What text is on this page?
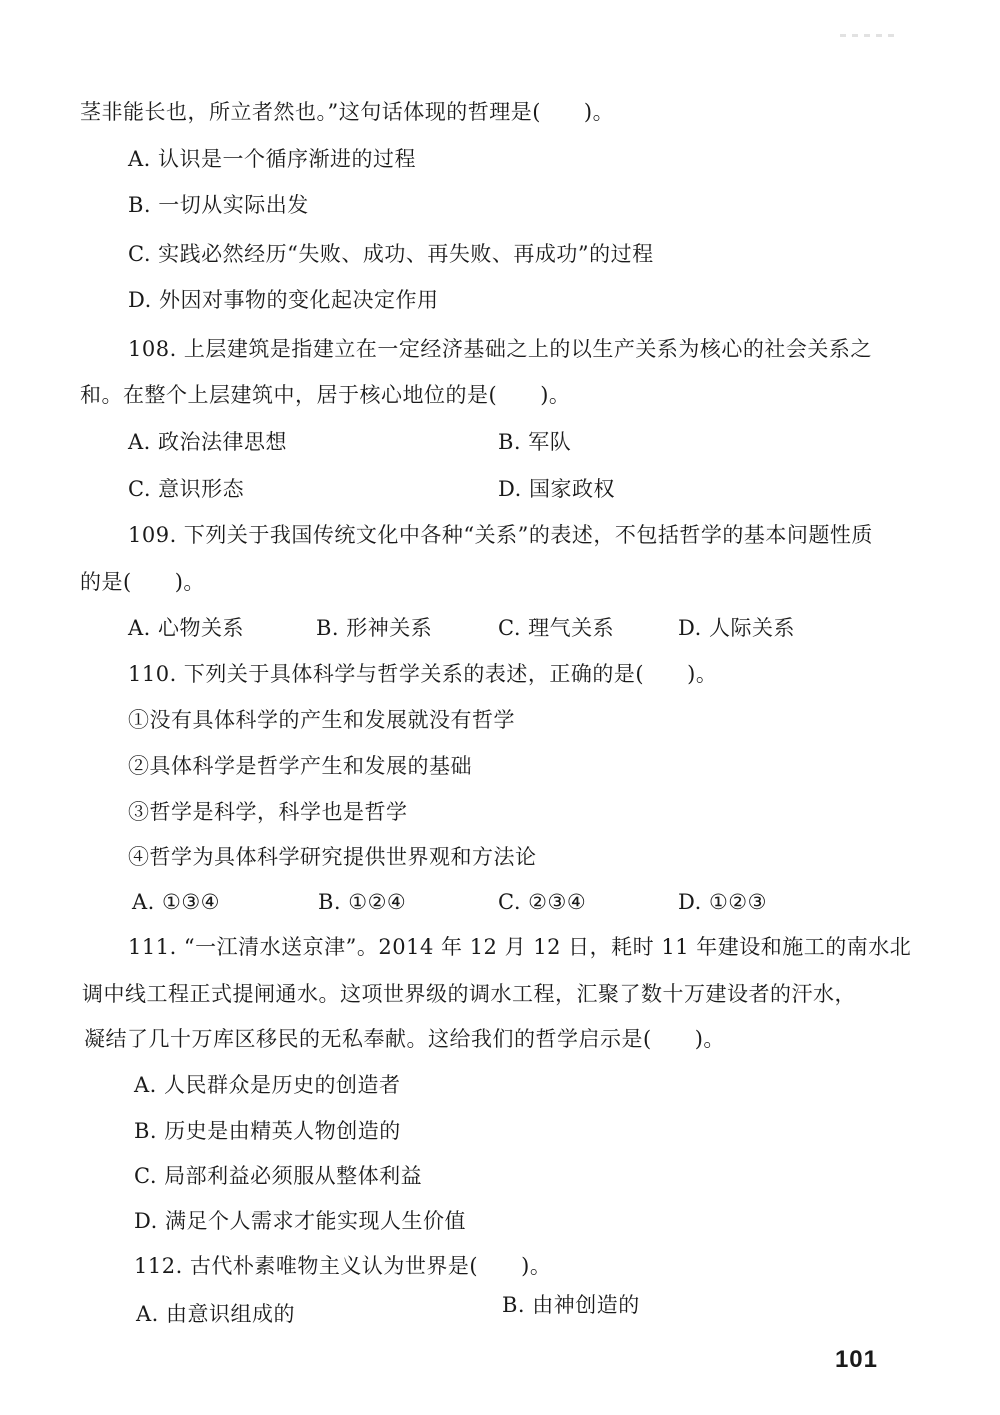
茎非能长也，所立者然也。”这句话体现的哲理是(　　)。
A. 认识是一个循序渐进的过程
B. 一切从实际出发
C. 实践必然经历“失败、成功、再失败、再成功”的过程
D. 外因对事物的变化起决定作用
108. 上层建筑是指建立在一定经济基础之上的以生产关系为核心的社会关系之
和。在整个上层建筑中，居于核心地位的是(　　)。
A. 政治法律思想	B. 军队
C. 意识形态	D. 国家政权
109. 下列关于我国传统文化中各种“关系”的表述，不包括哲学的基本问题性质
的是(　　)。
A. 心物关系	B. 形神关系	C. 理气关系	D. 人际关系
110. 下列关于具体科学与哲学关系的表述，正确的是(　　)。
①没有具体科学的产生和发展就没有哲学
②具体科学是哲学产生和发展的基础
③哲学是科学，科学也是哲学
④哲学为具体科学研究提供世界观和方法论
A. ①③④	B. ①②④	C. ②③④	D. ①②③
111. “一江清水送京津”。2014 年 12 月 12 日，耗时 11 年建设和施工的南水北
调中线工程正式提闸通水。这项世界级的调水工程，汇聚了数十万建设者的汗水，
凝结了几十万库区移民的无私奉献。这给我们的哲学启示是(　　)。
A. 人民群众是历史的创造者
B. 历史是由精英人物创造的
C. 局部利益必须服从整体利益
D. 满足个人需求才能实现人生价值
112. 古代朴素唯物主义认为世界是(　　)。
A. 由意识组成的	B. 由神创造的
101
